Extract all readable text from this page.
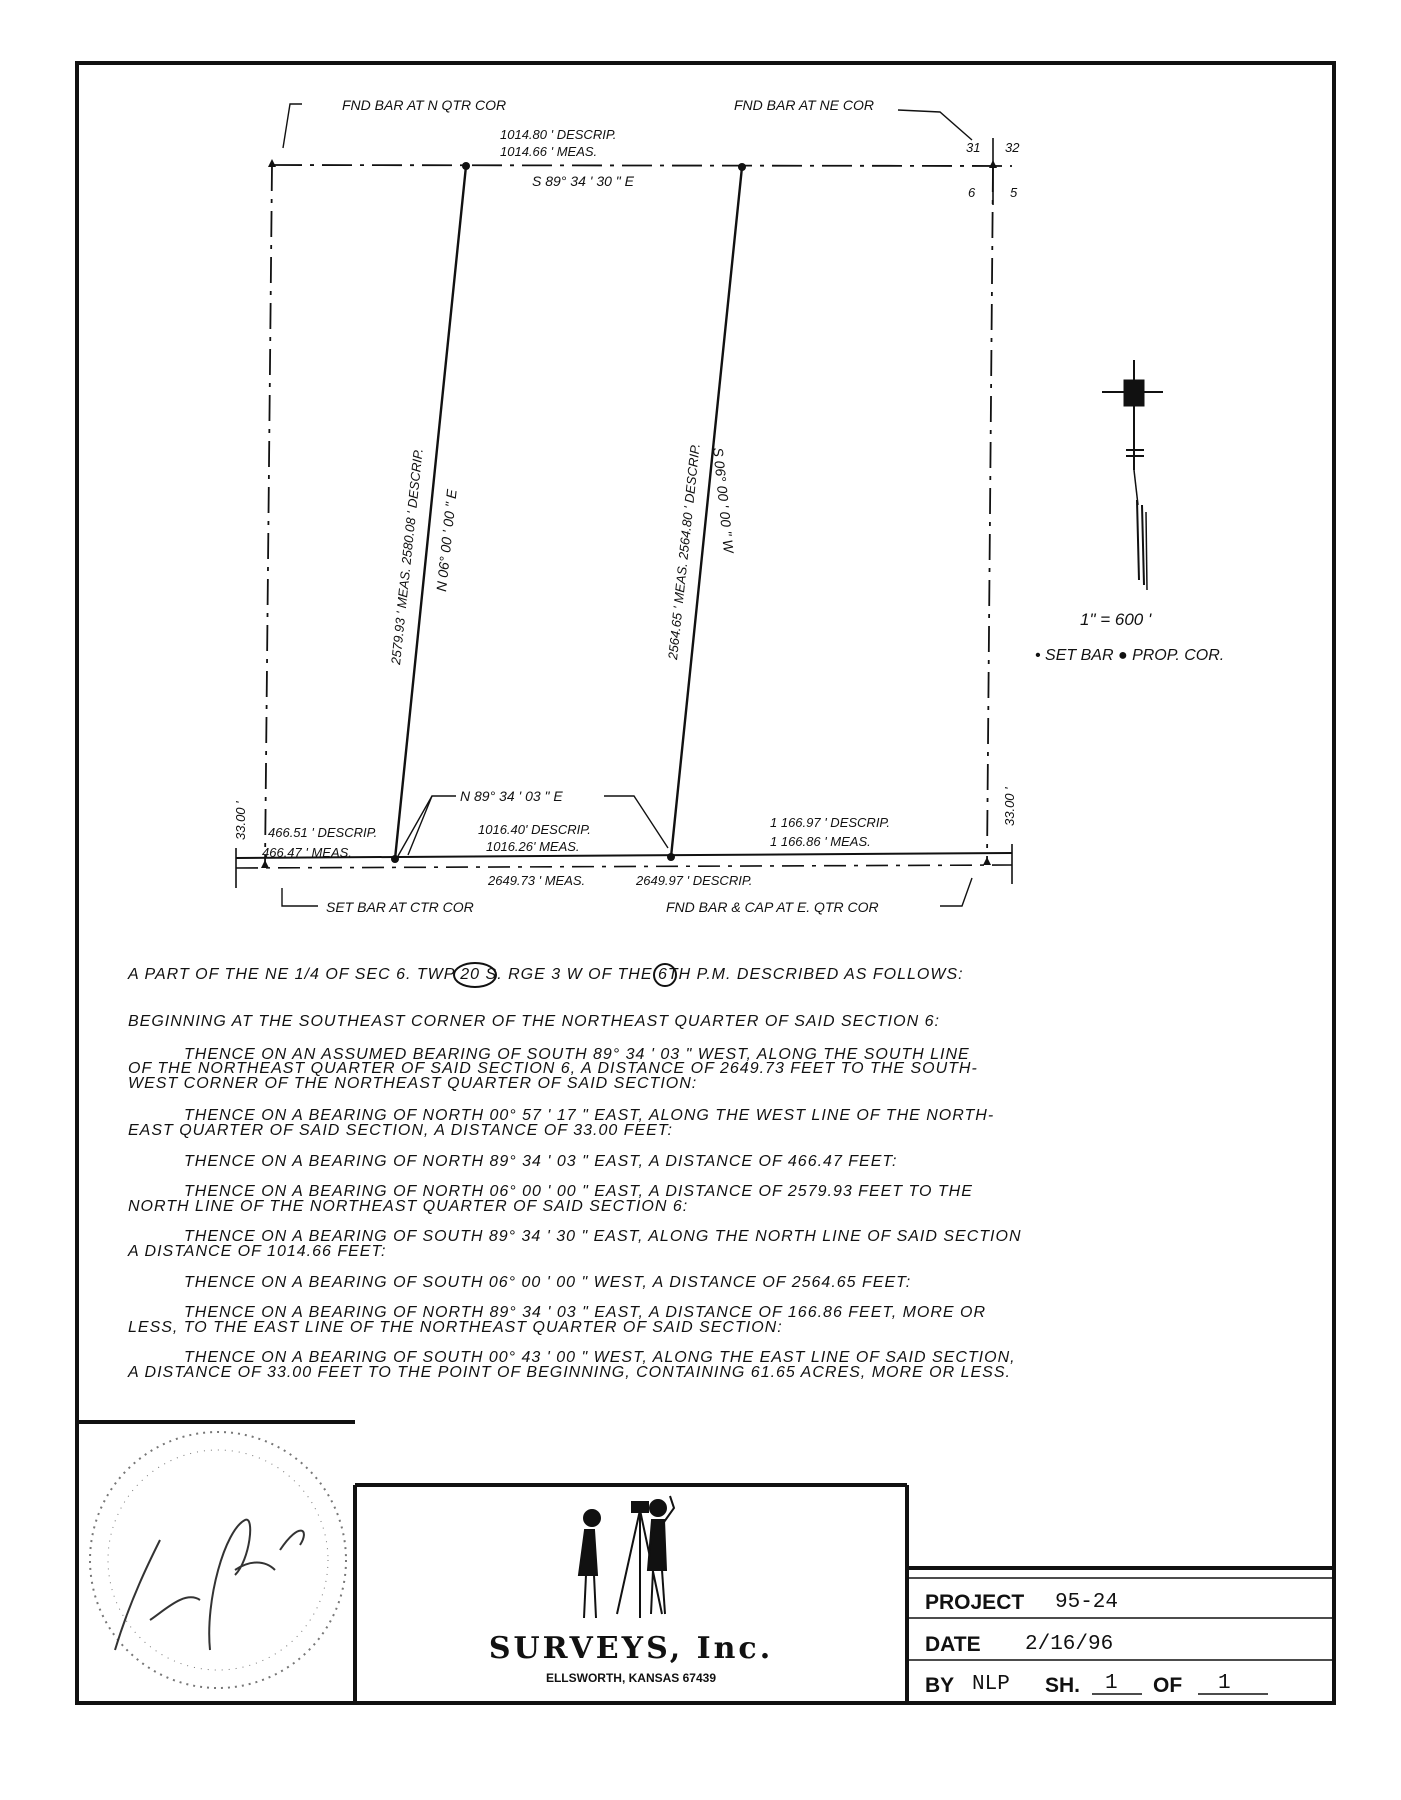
FND BAR AT N QTR COR	FND BAR AT NE COR
31 32
6	5
1014.80 ' DESCRIP.
1014.66 ' MEAS.
S 89° 34 ' 30 " E
2579.93 ' MEAS. 2580.08 ' DESCRIP. N 06° 00 ' 00 " E	2564.65 ' MEAS. 2564.80 ' DESCRIP. S 06° 00 ' 00 " W
33.00 '	33.00 '
N 89° 34 ' 03 " E
466.51 ' DESCRIP.
466.47 ' MEAS.
1016.40' DESCRIP.
1016.26' MEAS.
1 166.97 ' DESCRIP.
1 166.86 ' MEAS.
2649.73 ' MEAS.	2649.97 ' DESCRIP.
SET BAR AT CTR COR	FND BAR & CAP AT E. QTR COR
1" = 600 '
• SET BAR ● PROP. COR.
A PART OF THE NE 1/4 OF SEC 6. TWP 20 S. RGE 3 W OF THE 6TH P.M. DESCRIBED AS FOLLOWS:
BEGINNING AT THE SOUTHEAST CORNER OF THE NORTHEAST QUARTER OF SAID SECTION 6:
THENCE ON AN ASSUMED BEARING OF SOUTH 89° 34 ' 03 " WEST, ALONG THE SOUTH LINE
OF THE NORTHEAST QUARTER OF SAID SECTION 6, A DISTANCE OF 2649.73 FEET TO THE SOUTH-
WEST CORNER OF THE NORTHEAST QUARTER OF SAID SECTION:
THENCE ON A BEARING OF NORTH 00° 57 ' 17 " EAST, ALONG THE WEST LINE OF THE NORTH-
EAST QUARTER OF SAID SECTION, A DISTANCE OF 33.00 FEET:
THENCE ON A BEARING OF NORTH 89° 34 ' 03 " EAST, A DISTANCE OF 466.47 FEET:
THENCE ON A BEARING OF NORTH 06° 00 ' 00 " EAST, A DISTANCE OF 2579.93 FEET TO THE
NORTH LINE OF THE NORTHEAST QUARTER OF SAID SECTION 6:
THENCE ON A BEARING OF SOUTH 89° 34 ' 30 " EAST, ALONG THE NORTH LINE OF SAID SECTION
A DISTANCE OF 1014.66 FEET:
THENCE ON A BEARING OF SOUTH 06° 00 ' 00 " WEST, A DISTANCE OF 2564.65 FEET:
THENCE ON A BEARING OF NORTH 89° 34 ' 03 " EAST, A DISTANCE OF 166.86 FEET, MORE OR
LESS, TO THE EAST LINE OF THE NORTHEAST QUARTER OF SAID SECTION:
THENCE ON A BEARING OF SOUTH 00° 43 ' 00 " WEST, ALONG THE EAST LINE OF SAID SECTION,
A DISTANCE OF 33.00 FEET TO THE POINT OF BEGINNING, CONTAINING 61.65 ACRES, MORE OR LESS.
SURVEYS, Inc.
ELLSWORTH, KANSAS 67439
PROJECT 95-24
DATE 2/16/96
BY NLP SH. 1 OF 1
